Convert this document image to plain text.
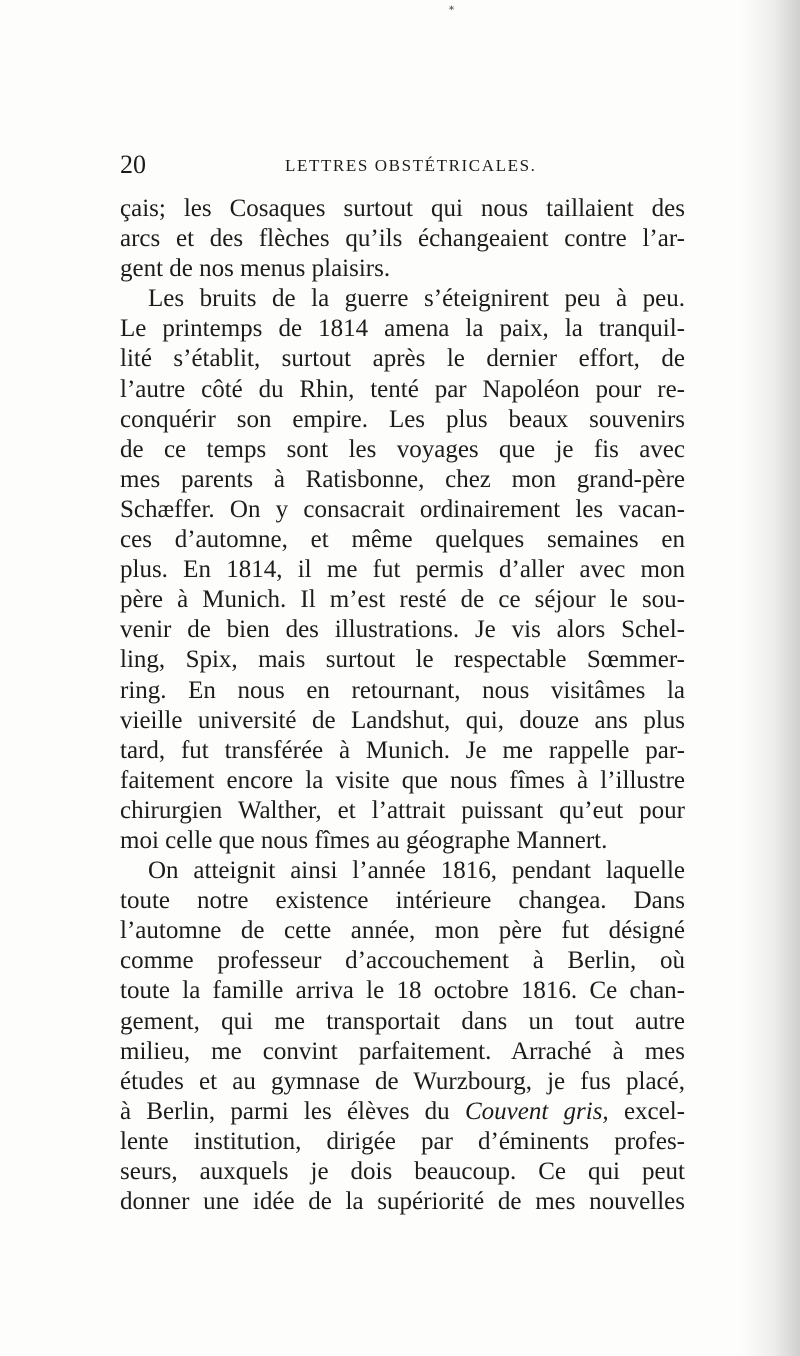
*
20	LETTRES OBSTÉTRICALES.
çais; les Cosaques surtout qui nous taillaient des
arcs et des flèches qu’ils échangeaient contre l’ar-
gent de nos menus plaisirs.
Les bruits de la guerre s’éteignirent peu à peu.
Le printemps de 1814 amena la paix, la tranquil-
lité s’établit, surtout après le dernier effort, de
l’autre côté du Rhin, tenté par Napoléon pour re-
conquérir son empire. Les plus beaux souvenirs
de ce temps sont les voyages que je fis avec
mes parents à Ratisbonne, chez mon grand-père
Schæffer. On y consacrait ordinairement les vacan-
ces d’automne, et même quelques semaines en
plus. En 1814, il me fut permis d’aller avec mon
père à Munich. Il m’est resté de ce séjour le sou-
venir de bien des illustrations. Je vis alors Schel-
ling, Spix, mais surtout le respectable Sœmmer-
ring. En nous en retournant, nous visitâmes la
vieille université de Landshut, qui, douze ans plus
tard, fut transférée à Munich. Je me rappelle par-
faitement encore la visite que nous fîmes à l’illustre
chirurgien Walther, et l’attrait puissant qu’eut pour
moi celle que nous fîmes au géographe Mannert.
On atteignit ainsi l’année 1816, pendant laquelle
toute notre existence intérieure changea. Dans
l’automne de cette année, mon père fut désigné
comme professeur d’accouchement à Berlin, où
toute la famille arriva le 18 octobre 1816. Ce chan-
gement, qui me transportait dans un tout autre
milieu, me convint parfaitement. Arraché à mes
études et au gymnase de Wurzbourg, je fus placé,
à Berlin, parmi les élèves du Couvent gris, excel-
lente institution, dirigée par d’éminents profes-
seurs, auxquels je dois beaucoup. Ce qui peut
donner une idée de la supériorité de mes nouvelles
